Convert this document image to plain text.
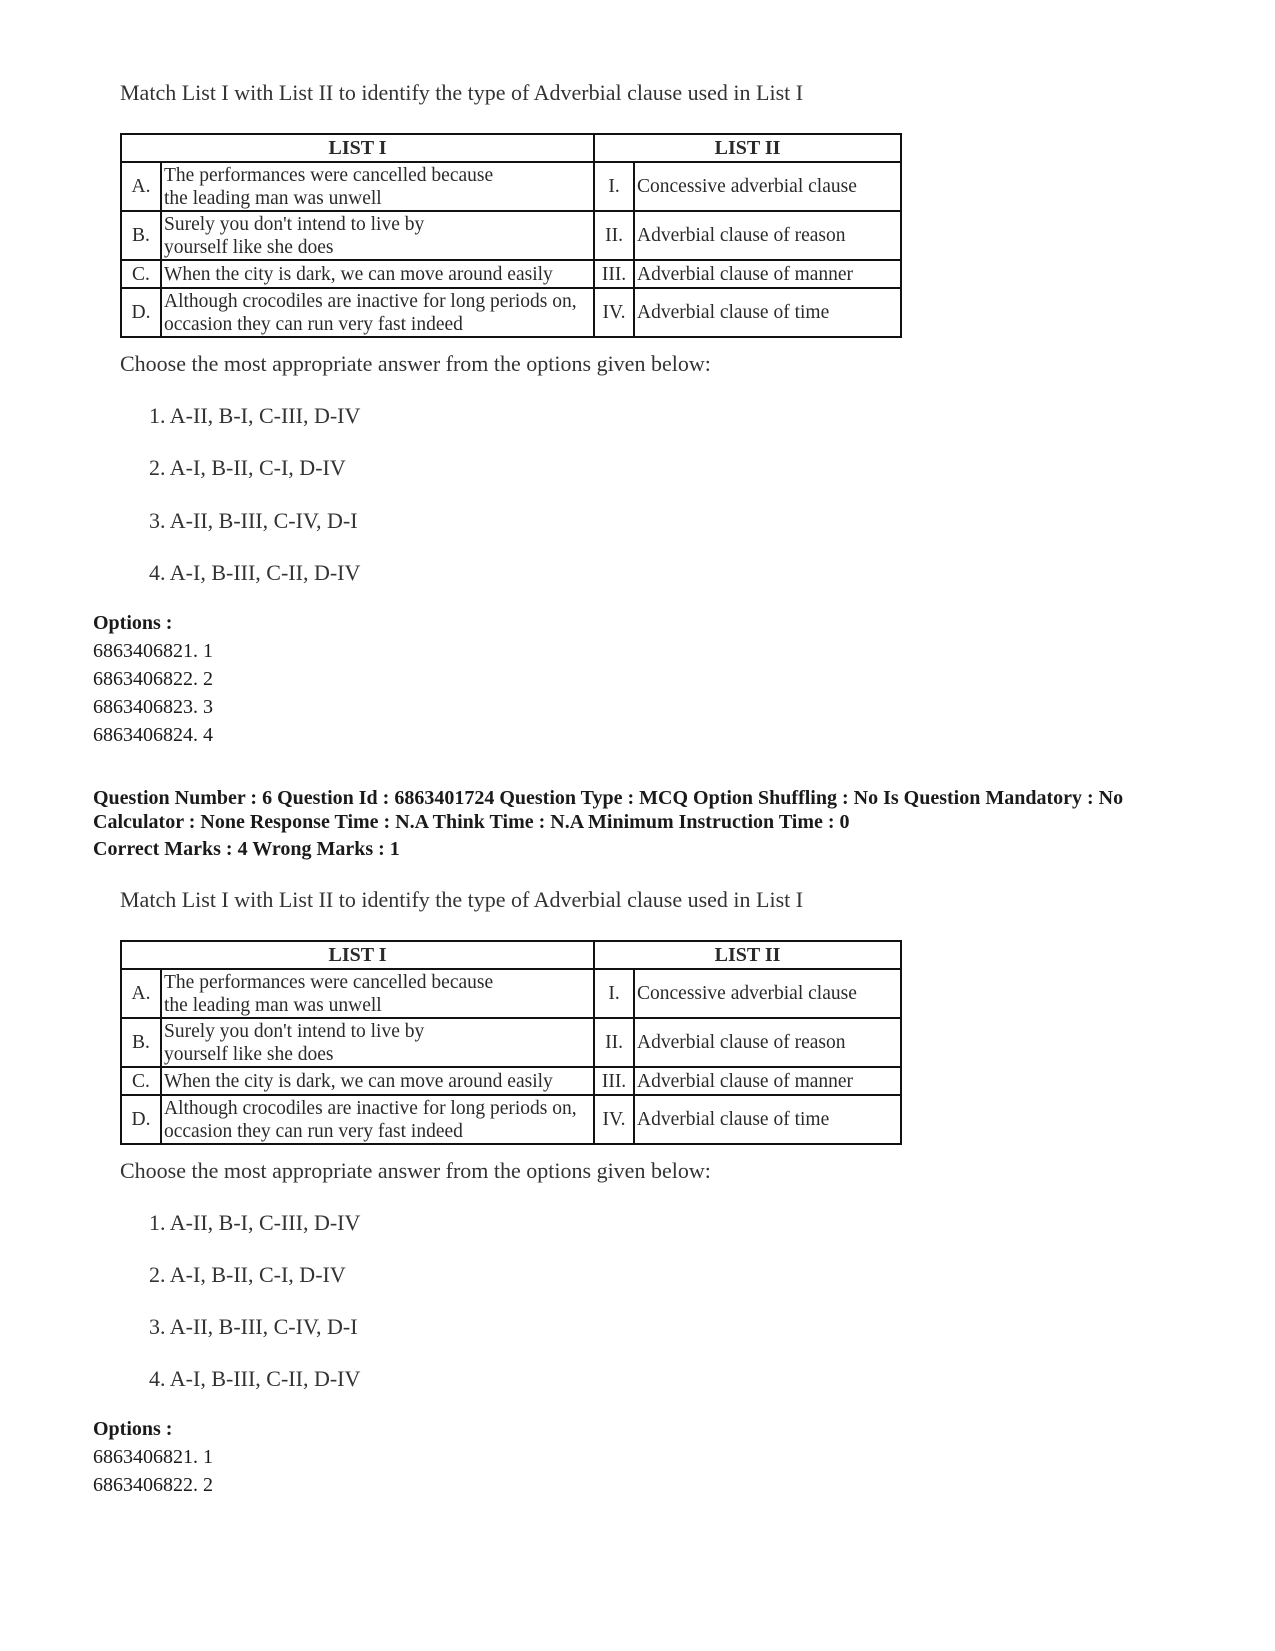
Match List I with List II to identify the type of Adverbial clause used in List I
LIST I		LIST II	
A.	The performances were cancelled because
the leading man was unwell	I.	Concessive adverbial clause
B.	Surely you don't intend to live by
yourself like she does	II.	Adverbial clause of reason
C.	When the city is dark, we can move around easily	III.	Adverbial clause of manner
D.	Although crocodiles are inactive for long periods on,
occasion they can run very fast indeed	IV.	Adverbial clause of time
Choose the most appropriate answer from the options given below:
1. A-II, B-I, C-III, D-IV
2. A-I, B-II, C-I, D-IV
3. A-II, B-III, C-IV, D-I
4. A-I, B-III, C-II, D-IV
Options :
6863406821. 1
6863406822. 2
6863406823. 3
6863406824. 4
Question Number : 6 Question Id : 6863401724 Question Type : MCQ Option Shuffling : No Is Question Mandatory : No
Calculator : None Response Time : N.A Think Time : N.A Minimum Instruction Time : 0
Correct Marks : 4 Wrong Marks : 1
Match List I with List II to identify the type of Adverbial clause used in List I
LIST I		LIST II	
A.	The performances were cancelled because
the leading man was unwell	I.	Concessive adverbial clause
B.	Surely you don't intend to live by
yourself like she does	II.	Adverbial clause of reason
C.	When the city is dark, we can move around easily	III.	Adverbial clause of manner
D.	Although crocodiles are inactive for long periods on,
occasion they can run very fast indeed	IV.	Adverbial clause of time
Choose the most appropriate answer from the options given below:
1. A-II, B-I, C-III, D-IV
2. A-I, B-II, C-I, D-IV
3. A-II, B-III, C-IV, D-I
4. A-I, B-III, C-II, D-IV
Options :
6863406821. 1
6863406822. 2
